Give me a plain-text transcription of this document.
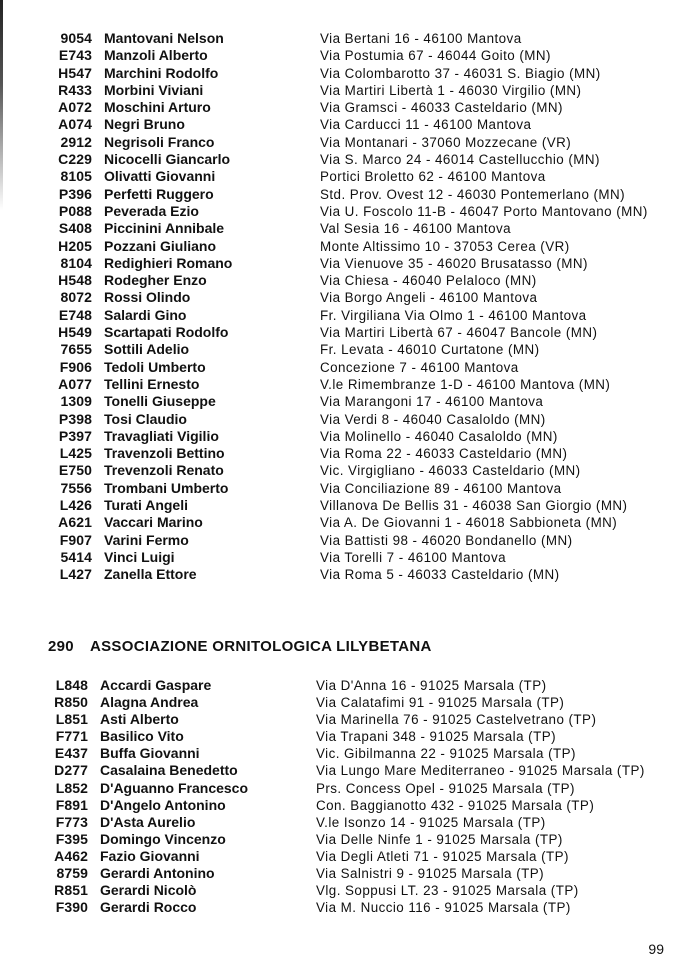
9054 Mantovani Nelson	Via Bertani 16 - 46100 Mantova
E743 Manzoli Alberto	Via Postumia 67 - 46044 Goito (MN)
H547 Marchini Rodolfo	Via Colombarotto 37 - 46031 S. Biagio (MN)
R433 Morbini Viviani	Via Martiri Libertà 1 - 46030 Virgilio (MN)
A072 Moschini Arturo	Via Gramsci - 46033 Casteldario (MN)
A074 Negri Bruno	Via Carducci 11 - 46100 Mantova
2912 Negrisoli Franco	Via Montanari - 37060 Mozzecane (VR)
C229 Nicocelli Giancarlo	Via S. Marco 24 - 46014 Castellucchio (MN)
8105 Olivatti Giovanni	Portici Broletto 62 - 46100 Mantova
P396 Perfetti Ruggero	Std. Prov. Ovest 12 - 46030 Pontemerlano (MN)
P088 Peverada Ezio	Via U. Foscolo 11-B - 46047 Porto Mantovano (MN)
S408 Piccinini Annibale	Val Sesia 16 - 46100 Mantova
H205 Pozzani Giuliano	Monte Altissimo 10 - 37053 Cerea (VR)
8104 Redighieri Romano	Via Vienuove 35 - 46020 Brusatasso (MN)
H548 Rodegher Enzo	Via Chiesa - 46040 Pelaloco (MN)
8072 Rossi Olindo	Via Borgo Angeli - 46100 Mantova
E748 Salardi Gino	Fr. Virgiliana Via Olmo 1 - 46100 Mantova
H549 Scartapati Rodolfo	Via Martiri Libertà 67 - 46047 Bancole (MN)
7655 Sottili Adelio	Fr. Levata - 46010 Curtatone (MN)
F906 Tedoli Umberto	Concezione 7 - 46100 Mantova
A077 Tellini Ernesto	V.le Rimembranze 1-D - 46100 Mantova (MN)
1309 Tonelli Giuseppe	Via Marangoni 17 - 46100 Mantova
P398 Tosi Claudio	Via Verdi 8 - 46040 Casaloldo (MN)
P397 Travagliati Vigilio	Via Molinello - 46040 Casaloldo (MN)
L425 Travenzoli Bettino	Via Roma 22 - 46033 Casteldario (MN)
E750 Trevenzoli Renato	Vic. Virgigliano - 46033 Casteldario (MN)
7556 Trombani Umberto	Via Conciliazione 89 - 46100 Mantova
L426 Turati Angeli	Villanova De Bellis 31 - 46038 San Giorgio (MN)
A621 Vaccari Marino	Via A. De Giovanni 1 - 46018 Sabbioneta (MN)
F907 Varini Fermo	Via Battisti 98 - 46020 Bondanello (MN)
5414 Vinci Luigi	Via Torelli 7 - 46100 Mantova
L427 Zanella Ettore	Via Roma 5 - 46033 Casteldario (MN)
290 ASSOCIAZIONE ORNITOLOGICA LILYBETANA
L848 Accardi Gaspare	Via D'Anna 16 - 91025 Marsala (TP)
R850 Alagna Andrea	Via Calatafimi 91 - 91025 Marsala (TP)
L851 Asti Alberto	Via Marinella 76 - 91025 Castelvetrano (TP)
F771 Basilico Vito	Via Trapani 348 - 91025 Marsala (TP)
E437 Buffa Giovanni	Vic. Gibilmanna 22 - 91025 Marsala (TP)
D277 Casalaina Benedetto	Via Lungo Mare Mediterraneo - 91025 Marsala (TP)
L852 D'Aguanno Francesco	Prs. Concess Opel - 91025 Marsala (TP)
F891 D'Angelo Antonino	Con. Baggianotto 432 - 91025 Marsala (TP)
F773 D'Asta Aurelio	V.le Isonzo 14 - 91025 Marsala (TP)
F395 Domingo Vincenzo	Via Delle Ninfe 1 - 91025 Marsala (TP)
A462 Fazio Giovanni	Via Degli Atleti 71 - 91025 Marsala (TP)
8759 Gerardi Antonino	Via Salnistri 9 - 91025 Marsala (TP)
R851 Gerardi Nicolò	Vlg. Soppusi LT. 23 - 91025 Marsala (TP)
F390 Gerardi Rocco	Via M. Nuccio 116 - 91025 Marsala (TP)
99
